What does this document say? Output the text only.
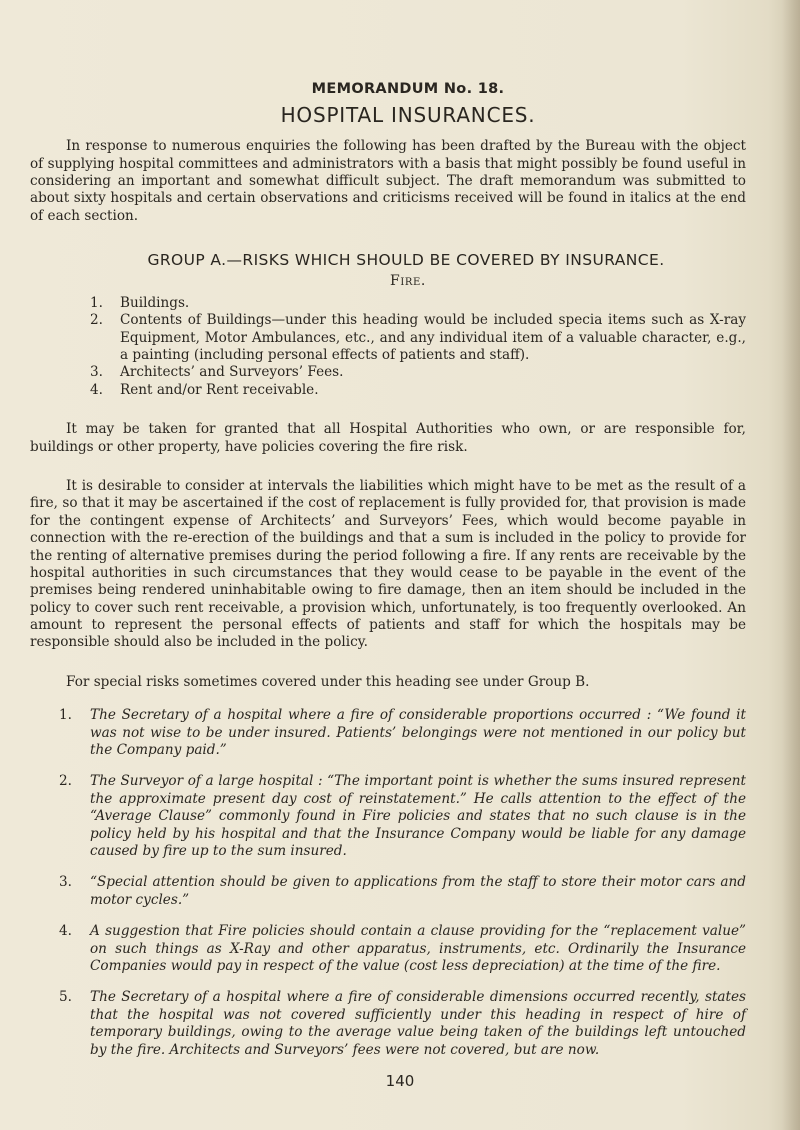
MEMORANDUM No. 18.
HOSPITAL INSURANCES.

In response to numerous enquiries the following has been drafted by the Bureau with the object of supplying hospital committees and administrators with a basis that might possibly be found useful in considering an important and somewhat difficult subject. The draft memorandum was submitted to about sixty hospitals and certain observations and criticisms received will be found in italics at the end of each section.

GROUP A.—RISKS WHICH SHOULD BE COVERED BY INSURANCE.
Fire.
1.	Buildings.
2.	Contents of Buildings—under this heading would be included specia items such as X-ray Equipment, Motor Ambulances, etc., and any individual item of a valuable character, e.g., a painting (including personal effects of patients and staff).
3.	Architects’ and Surveyors’ Fees.
4.	Rent and/or Rent receivable.

It may be taken for granted that all Hospital Authorities who own, or are responsible for, buildings or other property, have policies covering the fire risk.

It is desirable to consider at intervals the liabilities which might have to be met as the result of a fire, so that it may be ascertained if the cost of replacement is fully provided for, that provision is made for the contingent expense of Architects’ and Surveyors’ Fees, which would become payable in connection with the re-erection of the buildings and that a sum is included in the policy to provide for the renting of alternative premises during the period following a fire. If any rents are receivable by the hospital authorities in such circumstances that they would cease to be payable in the event of the premises being rendered uninhabitable owing to fire damage, then an item should be included in the policy to cover such rent receivable, a provision which, unfortunately, is too frequently overlooked. An amount to represent the personal effects of patients and staff for which the hospitals may be responsible should also be included in the policy.

For special risks sometimes covered under this heading see under Group B.

1.	The Secretary of a hospital where a fire of considerable proportions occurred : “We found it was not wise to be under insured. Patients’ belongings were not mentioned in our policy but the Company paid.”
2.	The Surveyor of a large hospital : “The important point is whether the sums insured represent the approximate present day cost of reinstatement.” He calls attention to the effect of the “Average Clause” commonly found in Fire policies and states that no such clause is in the policy held by his hospital and that the Insurance Company would be liable for any damage caused by fire up to the sum insured.
3.	“Special attention should be given to applications from the staff to store their motor cars and motor cycles.”
4.	A suggestion that Fire policies should contain a clause providing for the “replacement value” on such things as X-Ray and other apparatus, instruments, etc. Ordinarily the Insurance Companies would pay in respect of the value (cost less depreciation) at the time of the fire.
5.	The Secretary of a hospital where a fire of considerable dimensions occurred recently, states that the hospital was not covered sufficiently under this heading in respect of hire of temporary buildings, owing to the average value being taken of the buildings left untouched by the fire. Architects and Surveyors’ fees were not covered, but are now.
140
